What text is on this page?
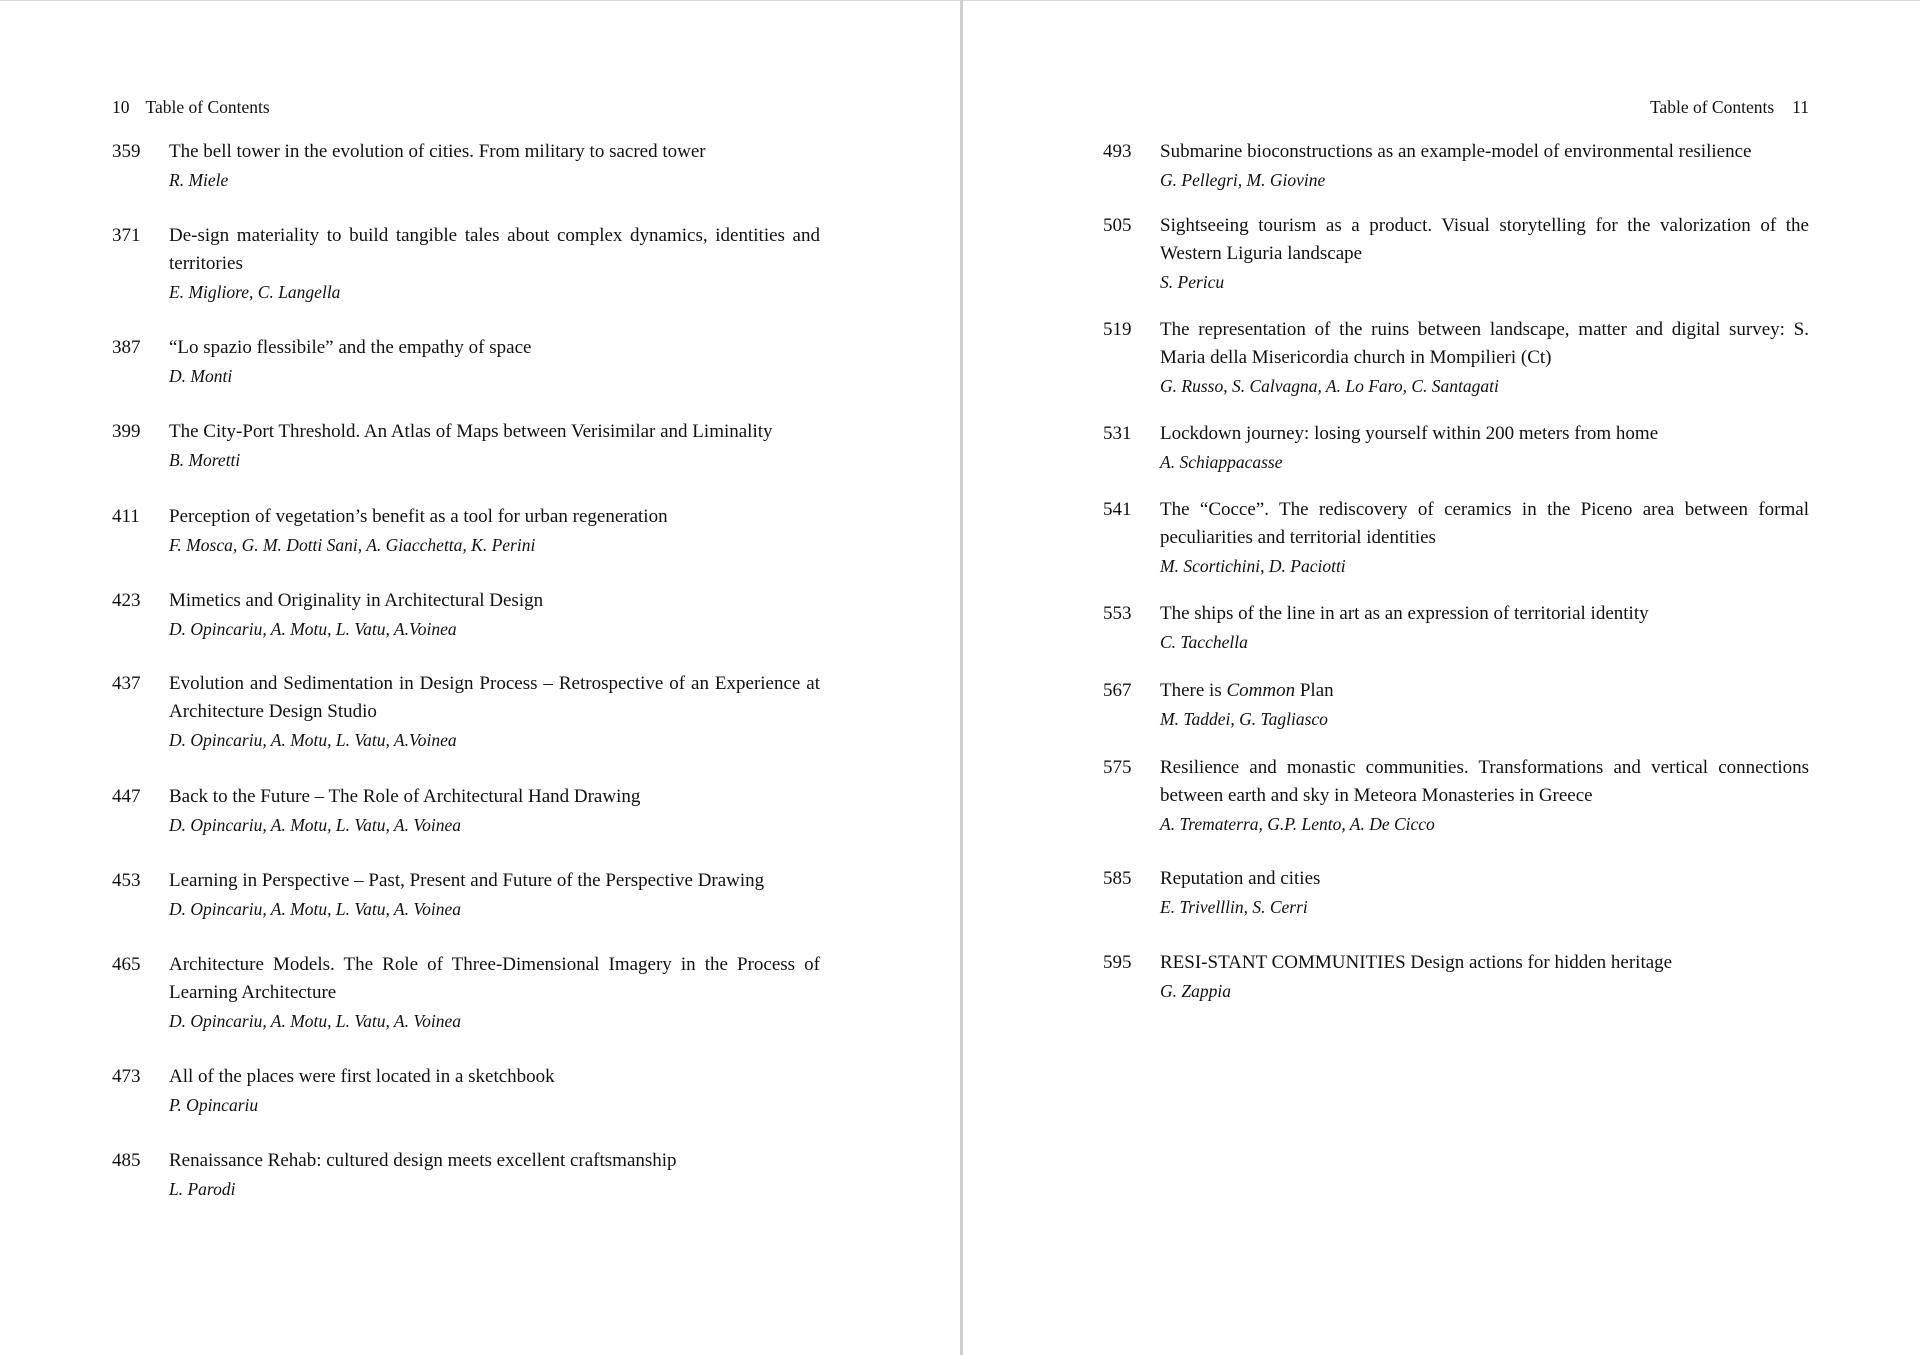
10 Table of Contents
359 The bell tower in the evolution of cities. From military to sacred tower
R. Miele
371 De-sign materiality to build tangible tales about complex dynamics, identities and territories
E. Migliore, C. Langella
387 “Lo spazio flessibile” and the empathy of space
D. Monti
399 The City-Port Threshold. An Atlas of Maps between Verisimilar and Liminality
B. Moretti
411 Perception of vegetation’s benefit as a tool for urban regeneration
F. Mosca, G. M. Dotti Sani, A. Giacchetta, K. Perini
423 Mimetics and Originality in Architectural Design
D. Opincariu, A. Motu, L. Vatu, A.Voinea
437 Evolution and Sedimentation in Design Process – Retrospective of an Experience at Architecture Design Studio
D. Opincariu, A. Motu, L. Vatu, A.Voinea
447 Back to the Future – The Role of Architectural Hand Drawing
D. Opincariu, A. Motu, L. Vatu, A. Voinea
453 Learning in Perspective – Past, Present and Future of the Perspective Drawing
D. Opincariu, A. Motu, L. Vatu, A. Voinea
465 Architecture Models. The Role of Three-Dimensional Imagery in the Process of Learning Architecture
D. Opincariu, A. Motu, L. Vatu, A. Voinea
473 All of the places were first located in a sketchbook
P. Opincariu
485 Renaissance Rehab: cultured design meets excellent craftsmanship
L. Parodi
Table of Contents 11
493 Submarine bioconstructions as an example-model of environmental resilience
G. Pellegri, M. Giovine
505 Sightseeing tourism as a product. Visual storytelling for the valorization of the Western Liguria landscape
S. Pericu
519 The representation of the ruins between landscape, matter and digital survey: S. Maria della Misericordia church in Mompilieri (Ct)
G. Russo, S. Calvagna, A. Lo Faro, C. Santagati
531 Lockdown journey: losing yourself within 200 meters from home
A. Schiappacasse
541 The “Cocce”. The rediscovery of ceramics in the Piceno area between formal peculiarities and territorial identities
M. Scortichini, D. Paciotti
553 The ships of the line in art as an expression of territorial identity
C. Tacchella
567 There is Common Plan
M. Taddei, G. Tagliasco
575 Resilience and monastic communities. Transformations and vertical connections between earth and sky in Meteora Monasteries in Greece
A. Trematerra, G.P. Lento, A. De Cicco
585 Reputation and cities
E. Trivelllin, S. Cerri
595 RESI-STANT COMMUNITIES Design actions for hidden heritage
G. Zappia
